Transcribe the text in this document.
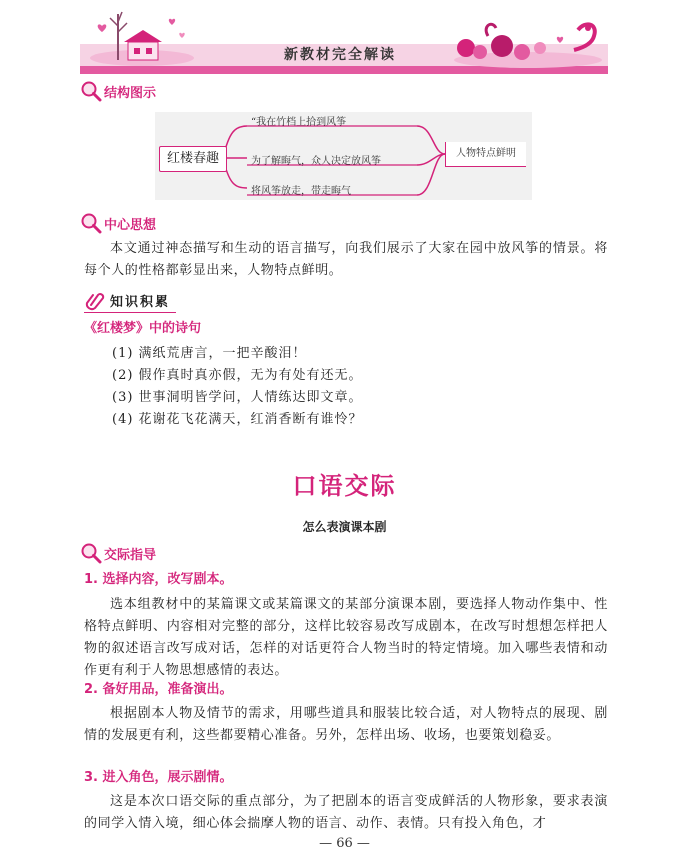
新教材完全解读
结构图示
红楼春趣
“我在竹档上拾到风筝
为了解晦气，众人决定放风筝
将风筝放走，带走晦气
人物特点鲜明
中心思想
本文通过神态描写和生动的语言描写，向我们展示了大家在园中放风筝的情景。将每个人的性格都彰显出来，人物特点鲜明。
知识积累
《红楼梦》中的诗句
(1) 满纸荒唐言，一把辛酸泪！
(2) 假作真时真亦假，无为有处有还无。
(3) 世事洞明皆学问，人情练达即文章。
(4) 花谢花飞花满天，红消香断有谁怜？
口语交际
怎么表演课本剧
交际指导
1. 选择内容，改写剧本。
选本组教材中的某篇课文或某篇课文的某部分演课本剧，要选择人物动作集中、性格特点鲜明、内容相对完整的部分，这样比较容易改写成剧本，在改写时想想怎样把人物的叙述语言改写成对话，怎样的对话更符合人物当时的特定情境。加入哪些表情和动作更有利于人物思想感情的表达。
2. 备好用品，准备演出。
根据剧本人物及情节的需求，用哪些道具和服装比较合适，对人物特点的展现、剧情的发展更有利，这些都要精心准备。另外，怎样出场、收场，也要策划稳妥。
3. 进入角色，展示剧情。
这是本次口语交际的重点部分，为了把剧本的语言变成鲜活的人物形象，要求表演的同学入情入境，细心体会揣摩人物的语言、动作、表情。只有投入角色，才
— 66 —
